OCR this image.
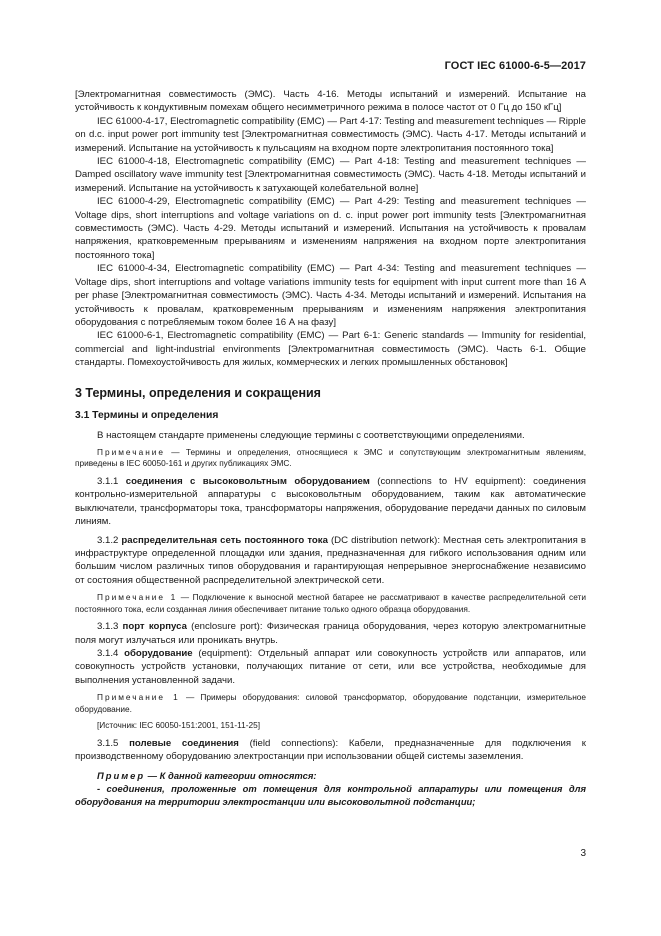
ГОСТ IEC 61000-6-5—2017

[Электромагнитная совместимость (ЭМС). Часть 4-16. Методы испытаний и измерений. Испытание на устойчивость к кондуктивным помехам общего несимметричного режима в полосе частот от 0 Гц до 150 кГц]

IEC 61000-4-17, Electromagnetic compatibility (EMC) — Part 4-17: Testing and measurement techniques — Ripple on d.c. input power port immunity test [Электромагнитная совместимость (ЭМС). Часть 4-17. Методы испытаний и измерений. Испытание на устойчивость к пульсациям на входном порте электропитания постоянного тока]

IEC 61000-4-18, Electromagnetic compatibility (EMC) — Part 4-18: Testing and measurement techniques — Damped oscillatory wave immunity test [Электромагнитная совместимость (ЭМС). Часть 4-18. Методы испытаний и измерений. Испытание на устойчивость к затухающей колебательной волне]

IEC 61000-4-29, Electromagnetic compatibility (EMC) — Part 4-29: Testing and measurement techniques — Voltage dips, short interruptions and voltage variations on d. c. input power port immunity tests [Электромагнитная совместимость (ЭМС). Часть 4-29. Методы испытаний и измерений. Испытания на устойчивость к провалам напряжения, кратковременным прерываниям и изменениям напряжения на входном порте электропитания постоянного тока]

IEC 61000-4-34, Electromagnetic compatibility (EMC) — Part 4-34: Testing and measurement techniques — Voltage dips, short interruptions and voltage variations immunity tests for equipment with input current more than 16 A per phase [Электромагнитная совместимость (ЭМС). Часть 4-34. Методы испытаний и измерений. Испытания на устойчивость к провалам, кратковременным прерываниям и изменениям напряжения электропитания оборудования с потребляемым током более 16 А на фазу]

IEC 61000-6-1, Electromagnetic compatibility (EMC) — Part 6-1: Generic standards — Immunity for residential, commercial and light-industrial environments [Электромагнитная совместимость (ЭМС). Часть 6-1. Общие стандарты. Помехоустойчивость для жилых, коммерческих и легких промышленных обстановок]

3 Термины, определения и сокращения
3.1 Термины и определения

В настоящем стандарте применены следующие термины с соответствующими определениями.

Примечание — Термины и определения, относящиеся к ЭМС и сопутствующим электромагнитным явлениям, приведены в IEC 60050-161 и других публикациях ЭМС.

3.1.1 соединения с высоковольтным оборудованием (connections to HV equipment): соединения контрольно-измерительной аппаратуры с высоковольтным оборудованием, таким как автоматические выключатели, трансформаторы тока, трансформаторы напряжения, оборудование передачи данных по силовым линиям.

3.1.2 распределительная сеть постоянного тока (DC distribution network): Местная сеть электропитания в инфраструктуре определенной площадки или здания, предназначенная для гибкого использования одним или большим числом различных типов оборудования и гарантирующая непрерывное энергоснабжение независимо от состояния общественной распределительной электрической сети.

Примечание 1 — Подключение к выносной местной батарее не рассматривают в качестве распределительной сети постоянного тока, если созданная линия обеспечивает питание только одного образца оборудования.

3.1.3 порт корпуса (enclosure port): Физическая граница оборудования, через которую электромагнитные поля могут излучаться или проникать внутрь.

3.1.4 оборудование (equipment): Отдельный аппарат или совокупность устройств или аппаратов, или совокупность устройств установки, получающих питание от сети, или все устройства, необходимые для выполнения установленной задачи.

Примечание 1 — Примеры оборудования: силовой трансформатор, оборудование подстанции, измерительное оборудование.

[Источник: IEC 60050-151:2001, 151-11-25]

3.1.5 полевые соединения (field connections): Кабели, предназначенные для подключения к производственному оборудованию электростанции при использовании общей системы заземления.

Пример — К данной категории относятся:

- соединения, проложенные от помещения для контрольной аппаратуры или помещения для оборудования на территории электростанции или высоковольтной подстанции;

3
